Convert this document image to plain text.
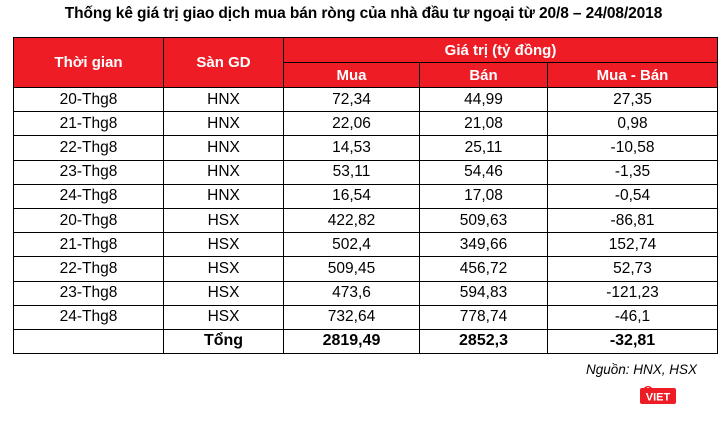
Thống kê giá trị giao dịch mua bán ròng của nhà đầu tư ngoại từ 20/8 – 24/08/2018
Thời gian	Sàn GD	Giá trị (tỷ đồng)		
		Mua	Bán	Mua - Bán
20-Thg8	HNX	72,34	44,99	27,35
21-Thg8	HNX	22,06	21,08	0,98
22-Thg8	HNX	14,53	25,11	-10,58
23-Thg8	HNX	53,11	54,46	-1,35
24-Thg8	HNX	16,54	17,08	-0,54
20-Thg8	HSX	422,82	509,63	-86,81
21-Thg8	HSX	502,4	349,66	152,74
22-Thg8	HSX	509,45	456,72	52,73
23-Thg8	HSX	473,6	594,83	-121,23
24-Thg8	HSX	732,64	778,74	-46,1
	Tổng	2819,49	2852,3	-32,81
Nguồn: HNX, HSX
VIET
